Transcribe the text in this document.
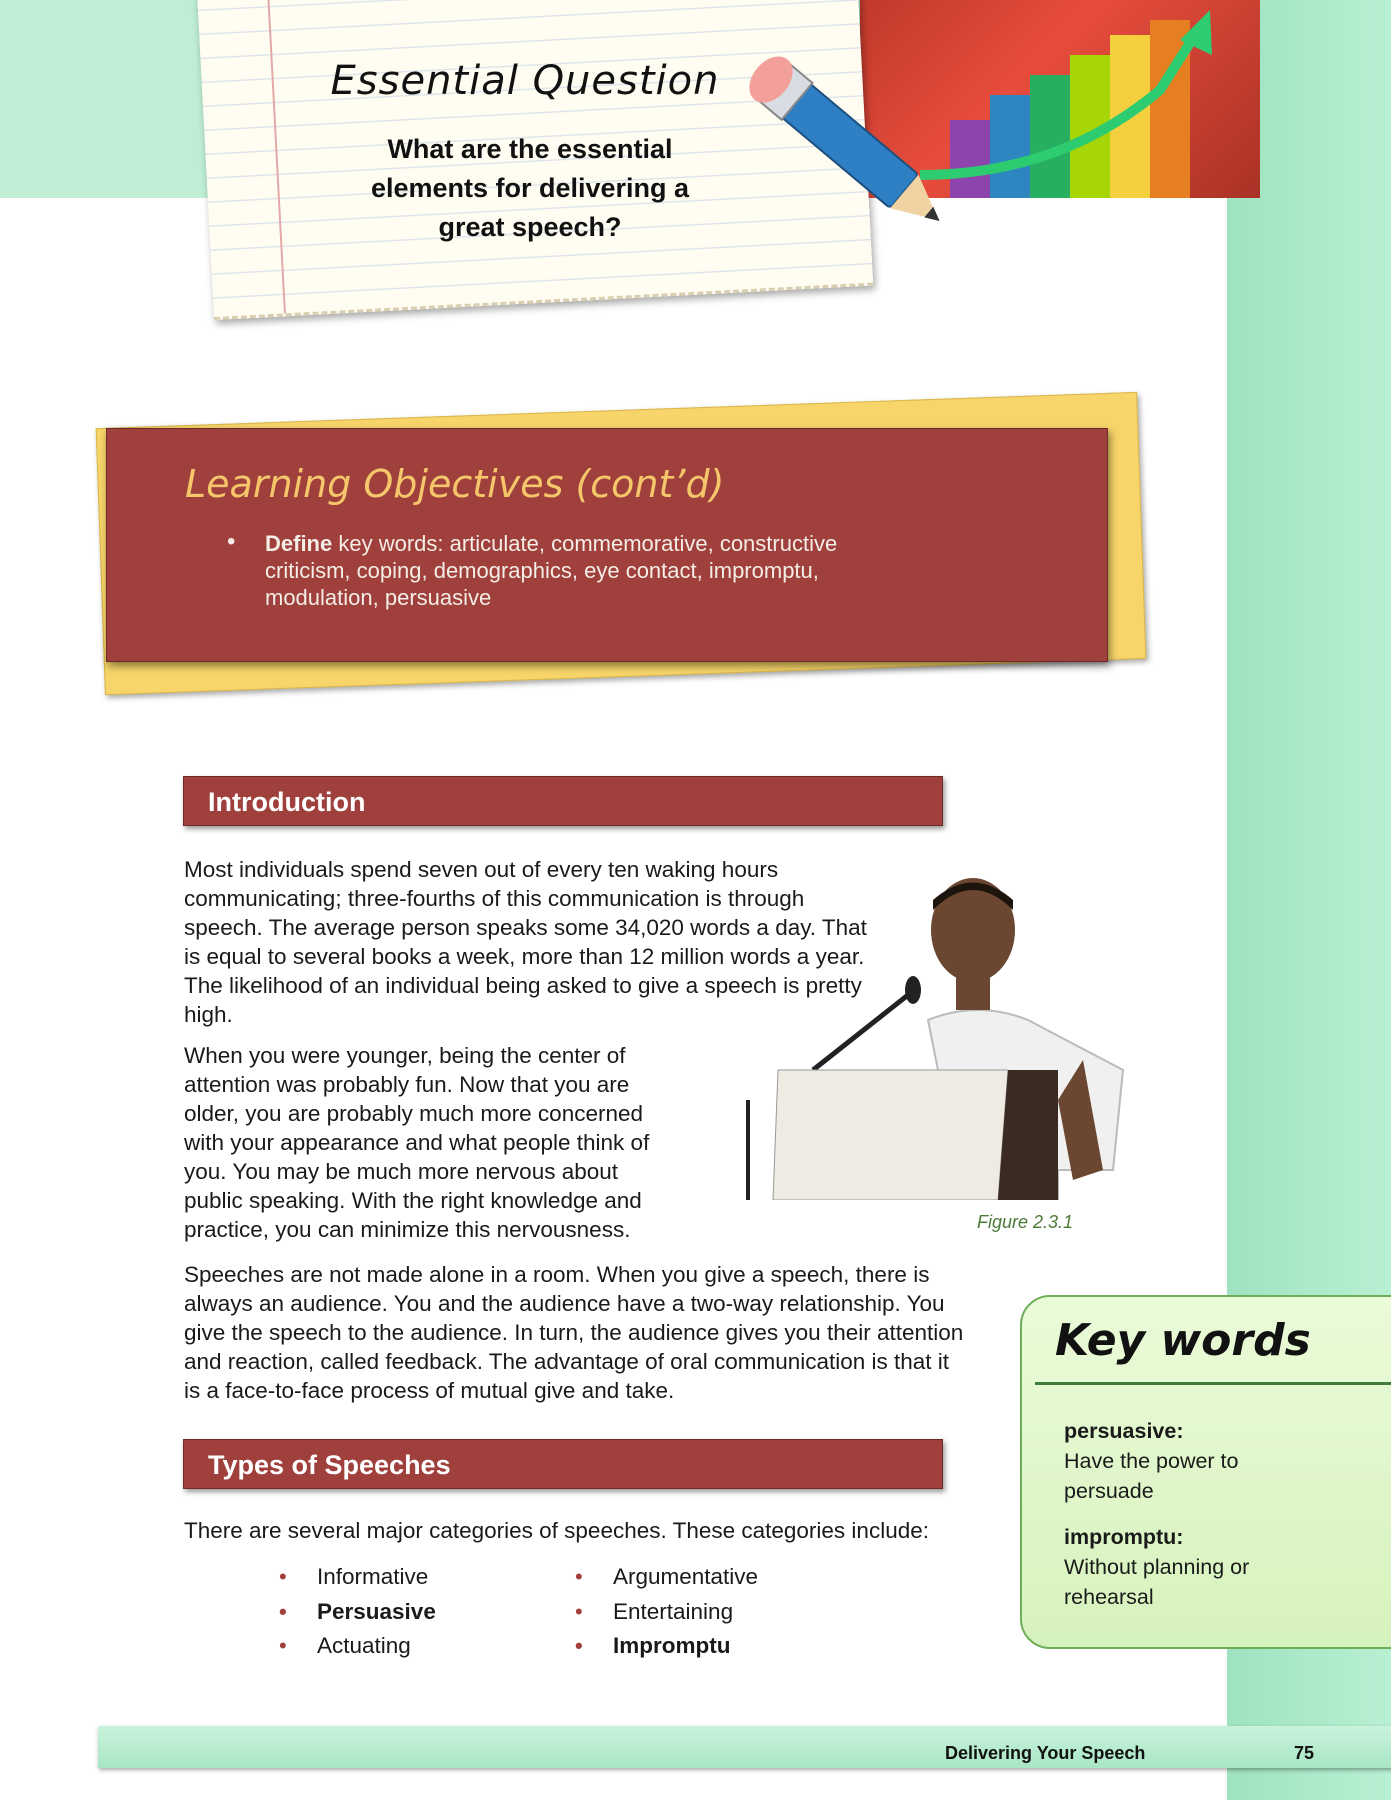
Essential Question
What are the essential elements for delivering a great speech?
Learning Objectives (cont’d)
• Define key words: articulate, commemorative, constructive criticism, coping, demographics, eye contact, impromptu, modulation, persuasive
Introduction

Most individuals spend seven out of every ten waking hours communicating; three-fourths of this communication is through speech. The average person speaks some 34,020 words a day. That is equal to several books a week, more than 12 million words a year. The likelihood of an individual being asked to give a speech is pretty high.

When you were younger, being the center of attention was probably fun. Now that you are older, you are probably much more concerned with your appearance and what people think of you. You may be much more nervous about public speaking. With the right knowledge and practice, you can minimize this nervousness.

Speeches are not made alone in a room. When you give a speech, there is always an audience. You and the audience have a two-way relationship. You give the speech to the audience. In turn, the audience gives you their attention and reaction, called feedback. The advantage of oral communication is that it is a face-to-face process of mutual give and take.

Figure 2.3.1
Types of Speeches

There are several major categories of speeches. These categories include:

• Informative
• Persuasive
• Actuating
• Argumentative
• Entertaining
• Impromptu
Key words
persuasive:
Have the power to persuade
impromptu:
Without planning or rehearsal
Delivering Your Speech	75
